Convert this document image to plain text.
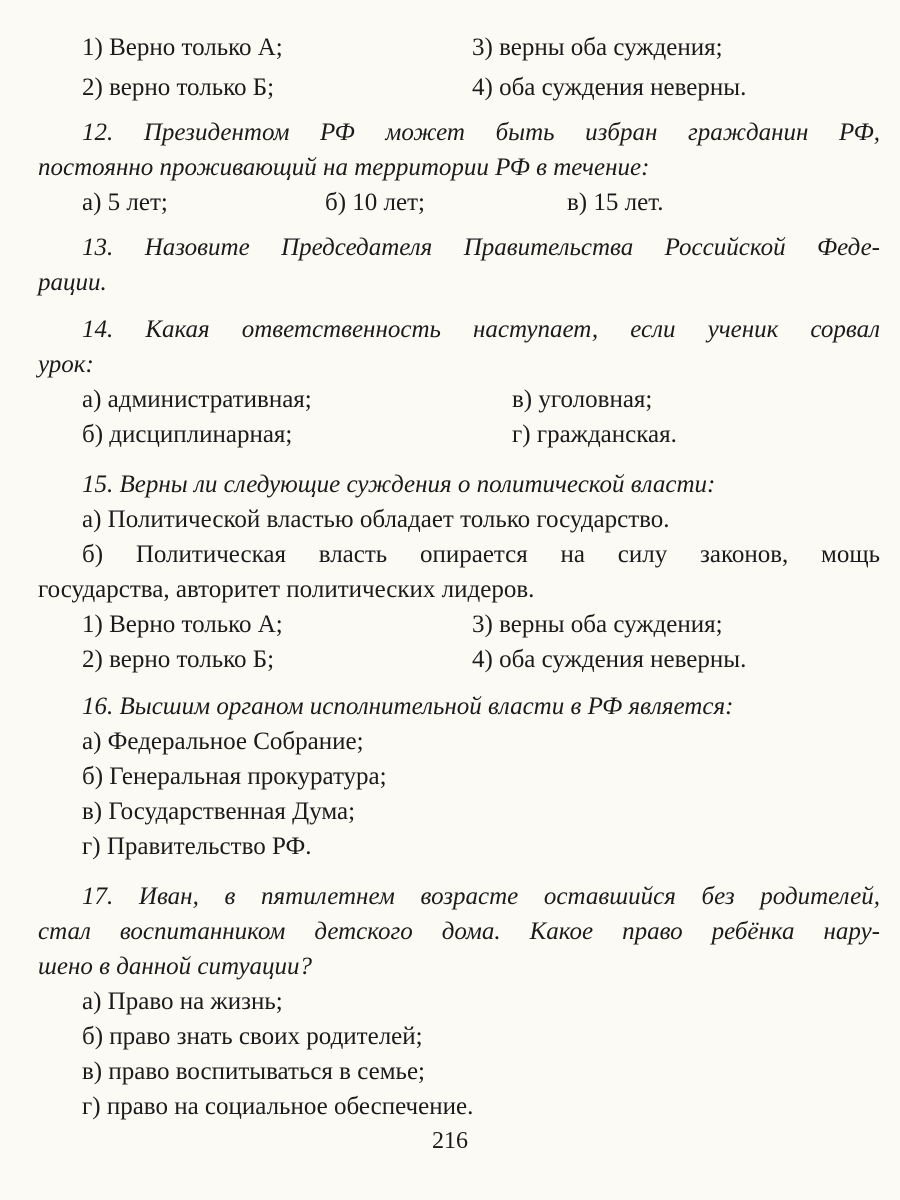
1) Верно только А;	3) верны оба суждения;
2) верно только Б;	4) оба суждения неверны.
12. Президентом РФ может быть избран гражданин РФ,
постоянно проживающий на территории РФ в течение:
а) 5 лет;	б) 10 лет;	в) 15 лет.
13. Назовите Председателя Правительства Российской Феде-
рации.
14. Какая ответственность наступает, если ученик сорвал
урок:
а) административная;	в) уголовная;
б) дисциплинарная;	г) гражданская.
15. Верны ли следующие суждения о политической власти:
а) Политической властью обладает только государство.
б) Политическая власть опирается на силу законов, мощь
государства, авторитет политических лидеров.
1) Верно только А;	3) верны оба суждения;
2) верно только Б;	4) оба суждения неверны.
16. Высшим органом исполнительной власти в РФ является:
а) Федеральное Собрание;
б) Генеральная прокуратура;
в) Государственная Дума;
г) Правительство РФ.
17. Иван, в пятилетнем возрасте оставшийся без родителей,
стал воспитанником детского дома. Какое право ребёнка нару-
шено в данной ситуации?
а) Право на жизнь;
б) право знать своих родителей;
в) право воспитываться в семье;
г) право на социальное обеспечение.
216
